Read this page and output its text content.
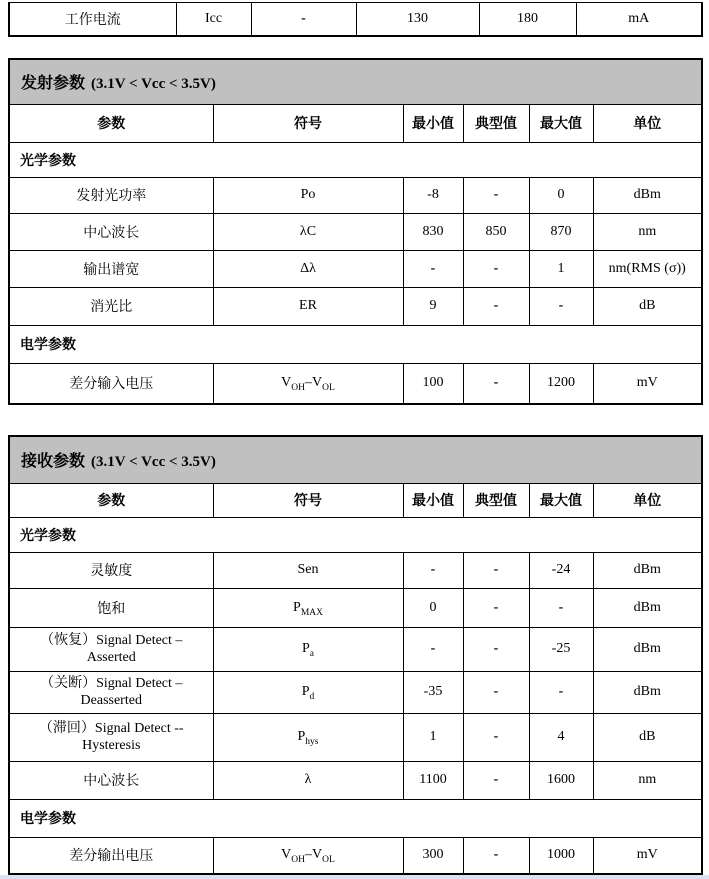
工作电流	Icc	-	130	180	mA
发射参数 (3.1V < Vcc < 3.5V)					
参数	符号	最小值	典型值	最大值	单位
光学参数					
发射光功率	Po	-8	-	0	dBm
中心波长	λC	830	850	870	nm
输出谱宽	Δλ	-	-	1	nm(RMS (σ))
消光比	ER	9	-	-	dB
电学参数					
差分输入电压	$V_{OH}-V_{OL}$	100	-	1200	mV
接收参数 (3.1V < Vcc < 3.5V)					
参数	符号	最小值	典型值	最大值	单位
光学参数					
灵敏度	Sen	-	-	-24	dBm
饱和	$P_{MAX}$	0	-	-	dBm

（恢复）Signal Detect –
Asserted	$P_a$	-	-	-25	dBm

（关断）Signal Detect –
Deasserted	$P_d$	-35	-	-	dBm

（滞回）Signal Detect --
Hysteresis	$P_{hys}$	1	-	4	dB
中心波长	λ	1100	-	1600	nm
电学参数					
差分输出电压	$V_{OH}-V_{OL}$	300	-	1000	mV
